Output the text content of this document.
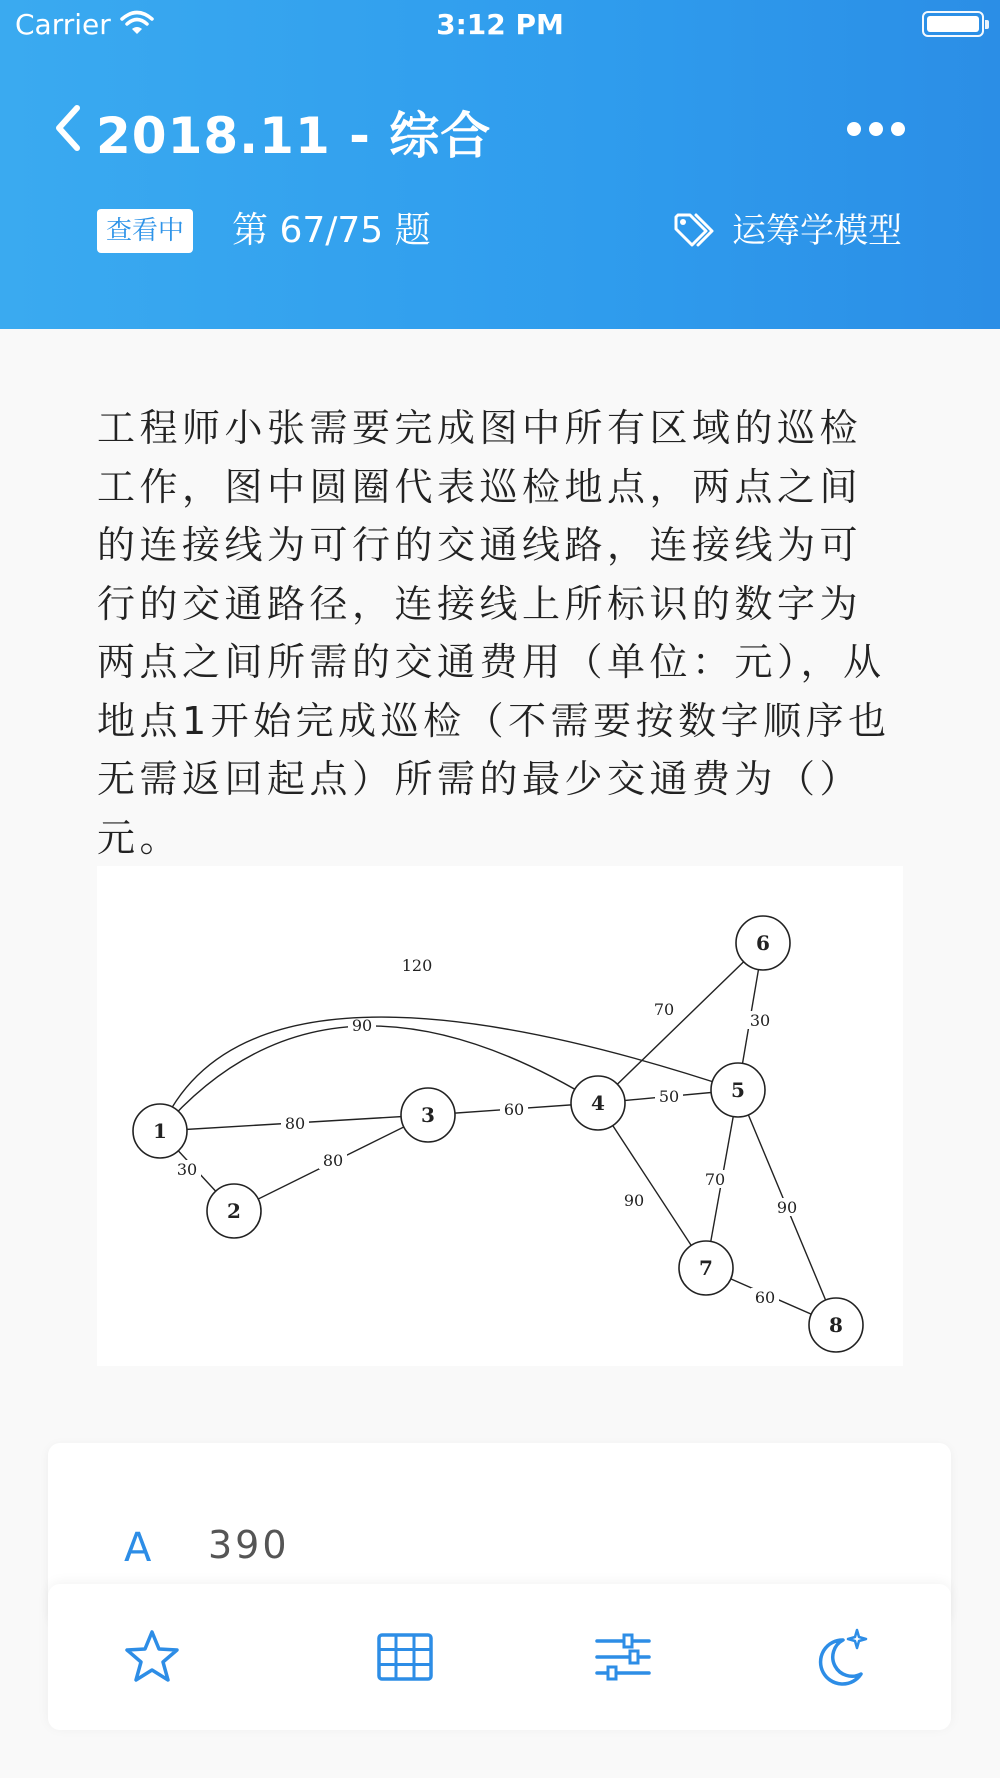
Carrier	3:12 PM
2018.11 - 综合
查看中 第 67/75 题	运筹学模型
工程师小张需要完成图中所有区域的巡检工作，图中圆圈代表巡检地点，两点之间的连接线为可行的交通线路，连接线为可行的交通路径，连接线上所标识的数字为两点之间所需的交通费用（单位：元），从地点1开始完成巡检（不需要按数字顺序也无需返回起点）所需的最少交通费为（）元。
30
80
80
60
50
70
30
90
70
90
60
90
120
1
2
3	4
5
6
7
8
A 390
